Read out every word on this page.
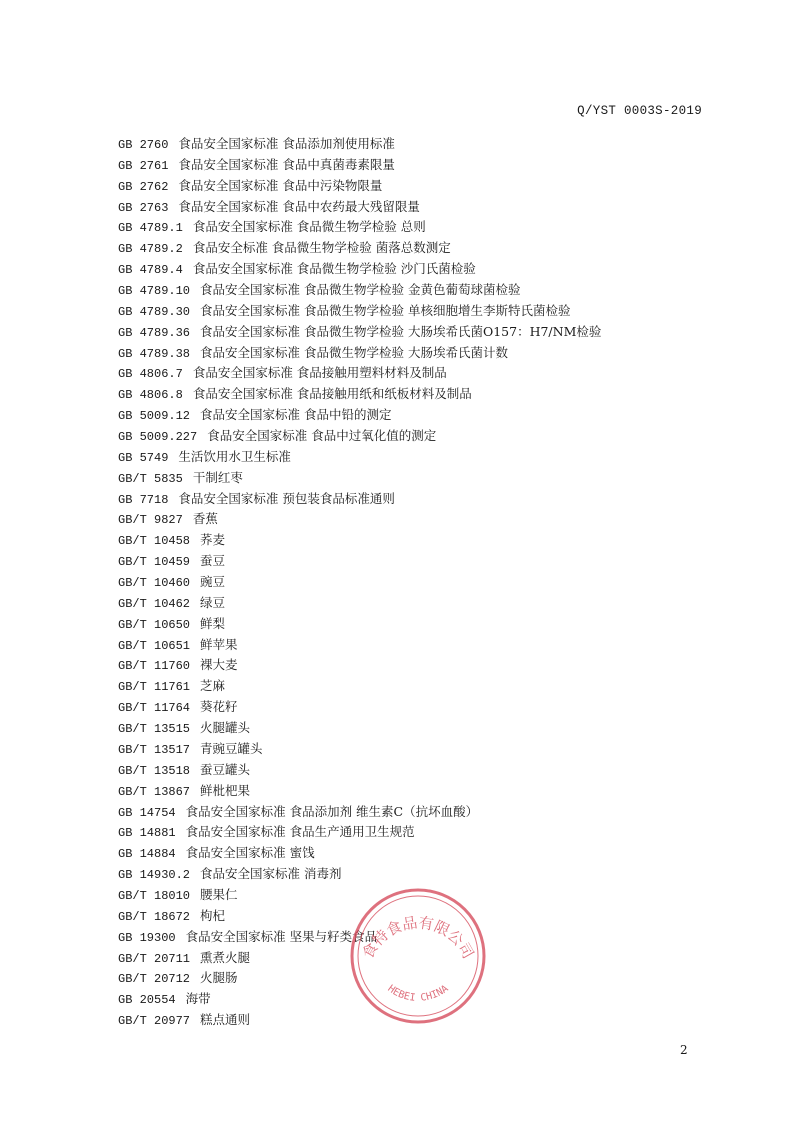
Q/YST 0003S-2019
GB 2760 食品安全国家标准 食品添加剂使用标准
GB 2761 食品安全国家标准 食品中真菌毒素限量
GB 2762 食品安全国家标准 食品中污染物限量
GB 2763 食品安全国家标准 食品中农药最大残留限量
GB 4789.1 食品安全国家标准 食品微生物学检验 总则
GB 4789.2 食品安全标准 食品微生物学检验 菌落总数测定
GB 4789.4 食品安全国家标准 食品微生物学检验 沙门氏菌检验
GB 4789.10 食品安全国家标准 食品微生物学检验 金黄色葡萄球菌检验
GB 4789.30 食品安全国家标准 食品微生物学检验 单核细胞增生李斯特氏菌检验
GB 4789.36 食品安全国家标准 食品微生物学检验 大肠埃希氏菌O157：H7/NM检验
GB 4789.38 食品安全国家标准 食品微生物学检验 大肠埃希氏菌计数
GB 4806.7 食品安全国家标准 食品接触用塑料材料及制品
GB 4806.8 食品安全国家标准 食品接触用纸和纸板材料及制品
GB 5009.12 食品安全国家标准 食品中铅的测定
GB 5009.227 食品安全国家标准 食品中过氧化值的测定
GB 5749 生活饮用水卫生标准
GB/T 5835 干制红枣
GB 7718 食品安全国家标准 预包装食品标准通则
GB/T 9827 香蕉
GB/T 10458 荞麦
GB/T 10459 蚕豆
GB/T 10460 豌豆
GB/T 10462 绿豆
GB/T 10650 鲜梨
GB/T 10651 鲜苹果
GB/T 11760 裸大麦
GB/T 11761 芝麻
GB/T 11764 葵花籽
GB/T 13515 火腿罐头
GB/T 13517 青豌豆罐头
GB/T 13518 蚕豆罐头
GB/T 13867 鲜枇杷果
GB 14754 食品安全国家标准 食品添加剂 维生素C（抗坏血酸）
GB 14881 食品安全国家标准 食品生产通用卫生规范
GB 14884 食品安全国家标准 蜜饯
GB 14930.2 食品安全国家标准 消毒剂
GB/T 18010 腰果仁
GB/T 18672 枸杞
GB 19300 食品安全国家标准 坚果与籽类食品
GB/T 20711 熏煮火腿
GB/T 20712 火腿肠
GB 20554 海带
GB/T 20977 糕点通则
食特食品有限公司
HEBEI CHINA
2
